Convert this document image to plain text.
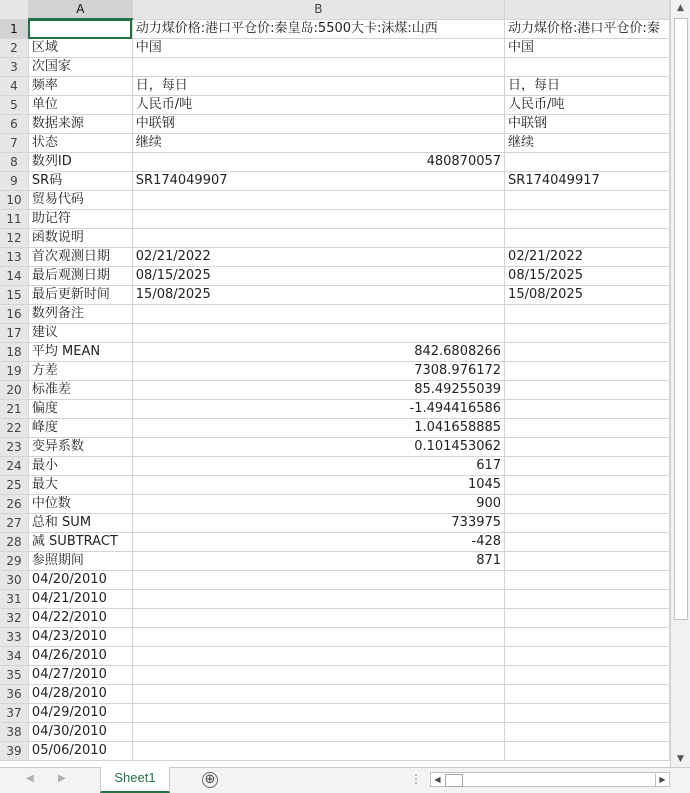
	A	B	
1		动力煤价格:港口平仓价:秦皇岛:5500大卡:沫煤:山西	动力煤价格:港口平仓价:秦
2	区域	中国	中国
3	次国家		
4	频率	日，每日	日，每日
5	单位	人民币/吨	人民币/吨
6	数据来源	中联钢	中联钢
7	状态	继续	继续
8	数列ID	480870057	
9	SR码	SR174049907	SR174049917
10	贸易代码		
11	助记符		
12	函数说明		
13	首次观测日期	02/21/2022	02/21/2022
14	最后观测日期	08/15/2025	08/15/2025
15	最后更新时间	15/08/2025	15/08/2025
16	数列备注		
17	建议		
18	平均 MEAN	842.6808266	
19	方差	7308.976172	
20	标准差	85.49255039	
21	偏度	-1.494416586	
22	峰度	1.041658885	
23	变异系数	0.101453062	
24	最小	617	
25	最大	1045	
26	中位数	900	
27	总和 SUM	733975	
28	减 SUBTRACT	-428	
29	参照期间	871	
30	04/20/2010		
31	04/21/2010		
32	04/22/2010		
33	04/23/2010		
34	04/26/2010		
35	04/27/2010		
36	04/28/2010		
37	04/29/2010		
38	04/30/2010		
39	05/06/2010		
▲
▼
◀ ▶	Sheet1	⊕	⋮	◀	▶
